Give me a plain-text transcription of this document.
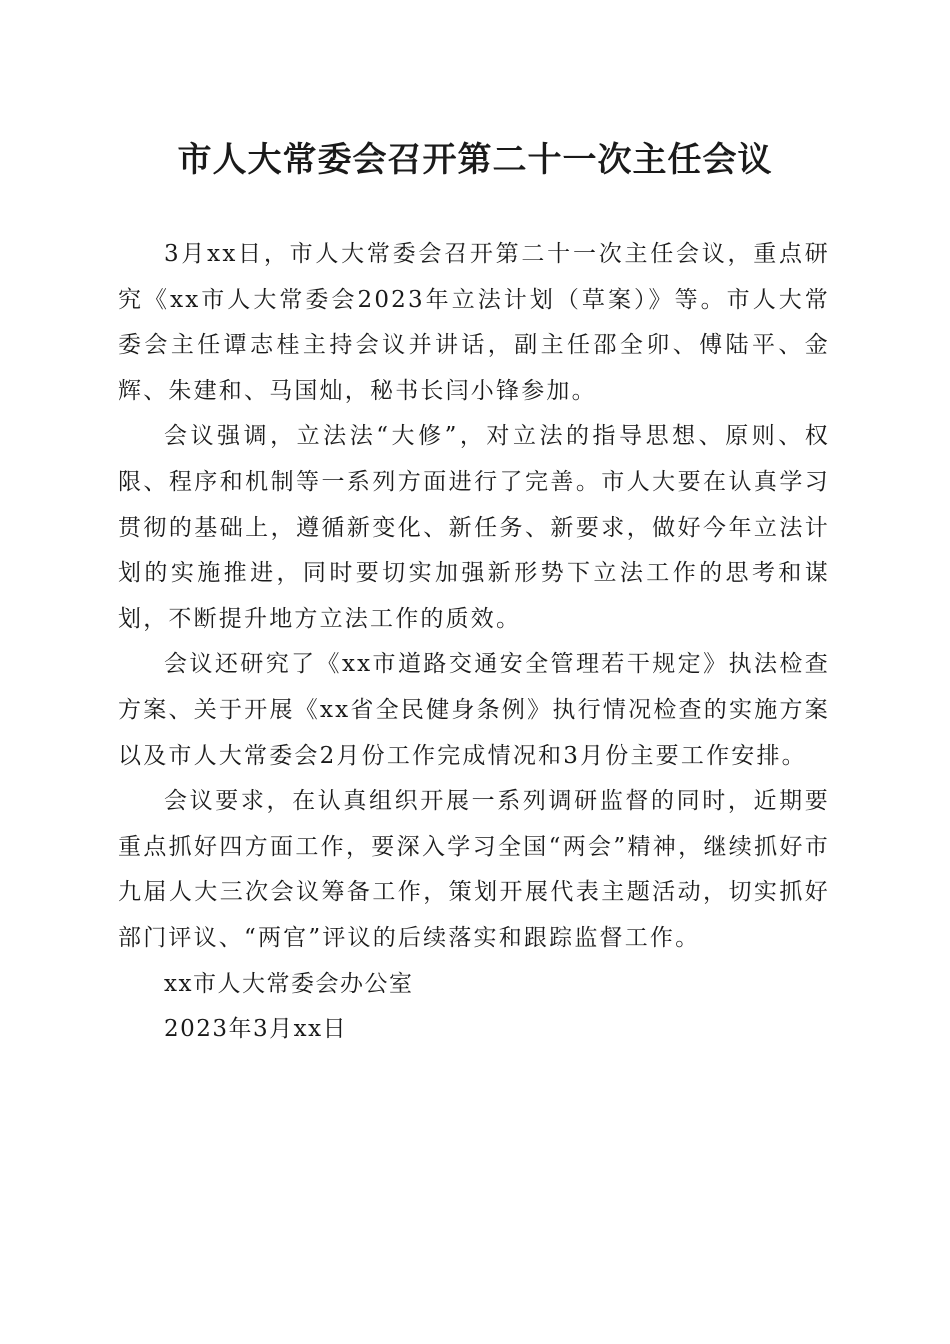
市人大常委会召开第二十一次主任会议

3月xx日，市人大常委会召开第二十一次主任会议，重点研究《xx市人大常委会2023年立法计划（草案）》等。市人大常委会主任谭志桂主持会议并讲话，副主任邵全卯、傅陆平、金辉、朱建和、马国灿，秘书长闫小锋参加。

会议强调，立法法“大修”，对立法的指导思想、原则、权限、程序和机制等一系列方面进行了完善。市人大要在认真学习贯彻的基础上，遵循新变化、新任务、新要求，做好今年立法计划的实施推进，同时要切实加强新形势下立法工作的思考和谋划，不断提升地方立法工作的质效。

会议还研究了《xx市道路交通安全管理若干规定》执法检查方案、关于开展《xx省全民健身条例》执行情况检查的实施方案以及市人大常委会2月份工作完成情况和3月份主要工作安排。

会议要求，在认真组织开展一系列调研监督的同时，近期要重点抓好四方面工作，要深入学习全国“两会”精神，继续抓好市九届人大三次会议筹备工作，策划开展代表主题活动，切实抓好部门评议、“两官”评议的后续落实和跟踪监督工作。

xx市人大常委会办公室

2023年3月xx日
